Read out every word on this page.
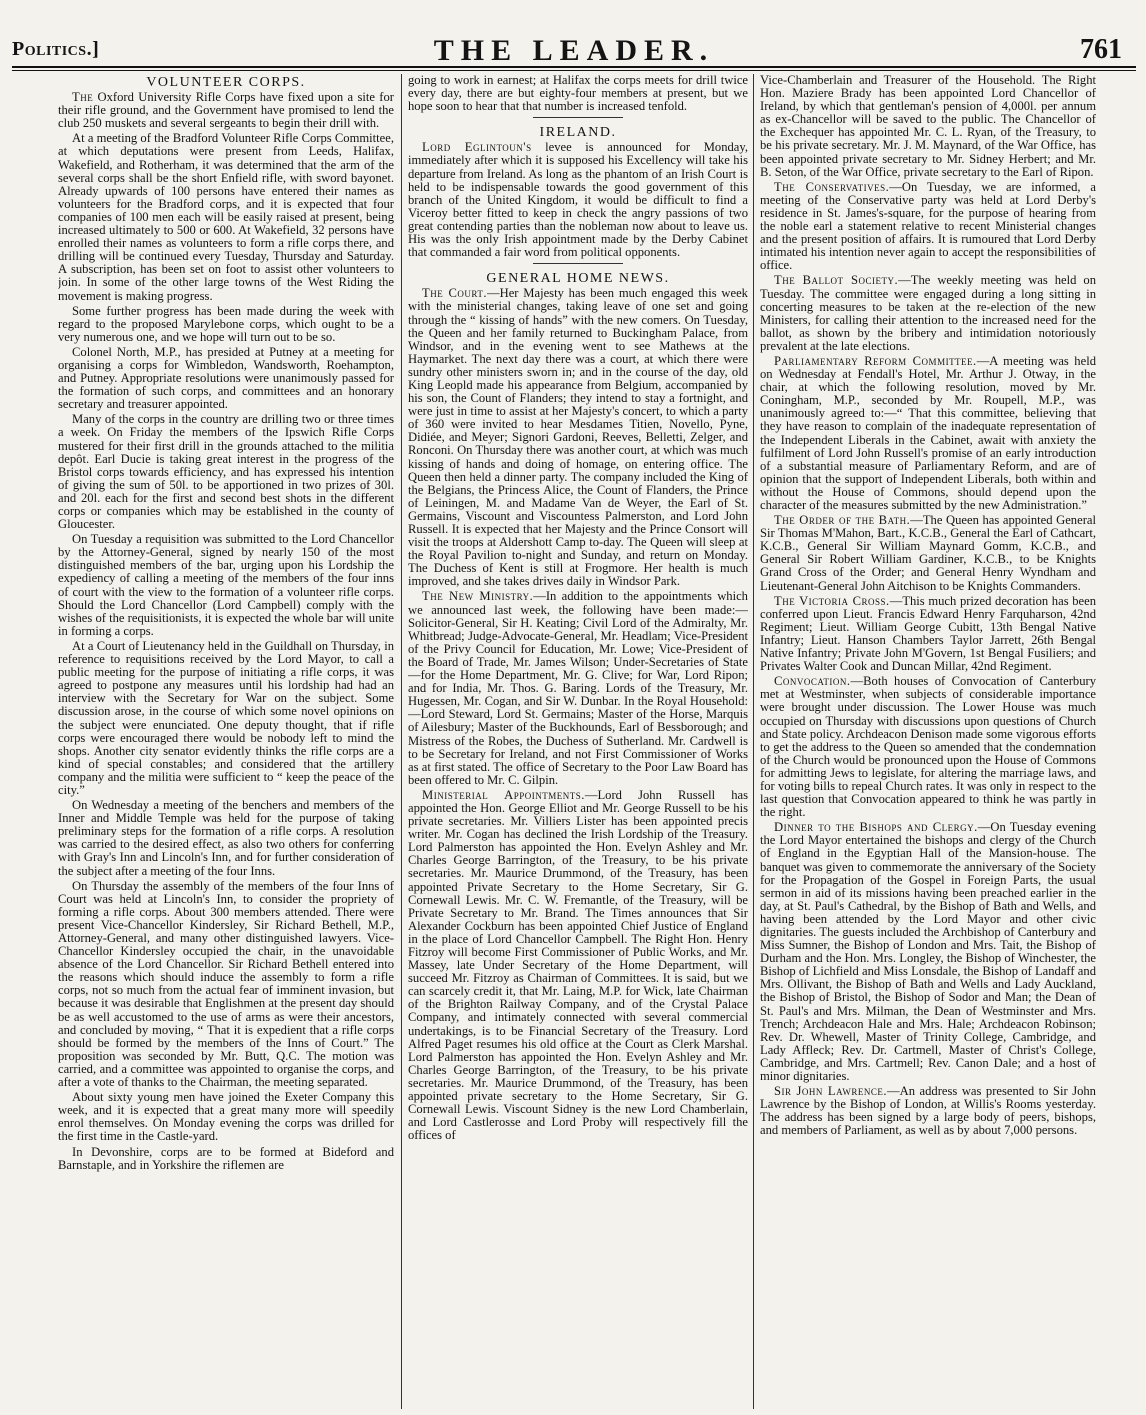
Politics.]	THE LEADER.	761
VOLUNTEER CORPS.

The Oxford University Rifle Corps have fixed upon a site for their rifle ground, and the Government have promised to lend the club 250 muskets and several sergeants to begin their drill with.

At a meeting of the Bradford Volunteer Rifle Corps Committee, at which deputations were present from Leeds, Halifax, Wakefield, and Rotherham, it was determined that the arm of the several corps shall be the short Enfield rifle, with sword bayonet. Already upwards of 100 persons have entered their names as volunteers for the Bradford corps, and it is expected that four companies of 100 men each will be easily raised at present, being increased ultimately to 500 or 600. At Wakefield, 32 persons have enrolled their names as volunteers to form a rifle corps there, and drilling will be continued every Tuesday, Thursday and Saturday. A subscription, has been set on foot to assist other volunteers to join. In some of the other large towns of the West Riding the movement is making progress.

Some further progress has been made during the week with regard to the proposed Marylebone corps, which ought to be a very numerous one, and we hope will turn out to be so.

Colonel North, M.P., has presided at Putney at a meeting for organising a corps for Wimbledon, Wandsworth, Roehampton, and Putney. Appropriate resolutions were unanimously passed for the formation of such corps, and committees and an honorary secretary and treasurer appointed.

Many of the corps in the country are drilling two or three times a week. On Friday the members of the Ipswich Rifle Corps mustered for their first drill in the grounds attached to the militia depôt. Earl Ducie is taking great interest in the progress of the Bristol corps towards efficiency, and has expressed his intention of giving the sum of 50l. to be apportioned in two prizes of 30l. and 20l. each for the first and second best shots in the different corps or companies which may be established in the county of Gloucester.

On Tuesday a requisition was submitted to the Lord Chancellor by the Attorney-General, signed by nearly 150 of the most distinguished members of the bar, urging upon his Lordship the expediency of calling a meeting of the members of the four inns of court with the view to the formation of a volunteer rifle corps. Should the Lord Chancellor (Lord Campbell) comply with the wishes of the requisitionists, it is expected the whole bar will unite in forming a corps.

At a Court of Lieutenancy held in the Guildhall on Thursday, in reference to requisitions received by the Lord Mayor, to call a public meeting for the purpose of initiating a rifle corps, it was agreed to postpone any measures until his lordship had had an interview with the Secretary for War on the subject. Some discussion arose, in the course of which some novel opinions on the subject were enunciated. One deputy thought, that if rifle corps were encouraged there would be nobody left to mind the shops. Another city senator evidently thinks the rifle corps are a kind of special constables; and considered that the artillery company and the militia were sufficient to “ keep the peace of the city.”

On Wednesday a meeting of the benchers and members of the Inner and Middle Temple was held for the purpose of taking preliminary steps for the formation of a rifle corps. A resolution was carried to the desired effect, as also two others for conferring with Gray's Inn and Lincoln's Inn, and for further consideration of the subject after a meeting of the four Inns.

On Thursday the assembly of the members of the four Inns of Court was held at Lincoln's Inn, to consider the propriety of forming a rifle corps. About 300 members attended. There were present Vice-Chancellor Kindersley, Sir Richard Bethell, M.P., Attorney-General, and many other distinguished lawyers. Vice-Chancellor Kindersley occupied the chair, in the unavoidable absence of the Lord Chancellor. Sir Richard Bethell entered into the reasons which should induce the assembly to form a rifle corps, not so much from the actual fear of imminent invasion, but because it was desirable that Englishmen at the present day should be as well accustomed to the use of arms as were their ancestors, and concluded by moving, “ That it is expedient that a rifle corps should be formed by the members of the Inns of Court.” The proposition was seconded by Mr. Butt, Q.C. The motion was carried, and a committee was appointed to organise the corps, and after a vote of thanks to the Chairman, the meeting separated.

About sixty young men have joined the Exeter Company this week, and it is expected that a great many more will speedily enrol themselves. On Monday evening the corps was drilled for the first time in the Castle-yard.

In Devonshire, corps are to be formed at Bideford and Barnstaple, and in Yorkshire the riflemen are

going to work in earnest; at Halifax the corps meets for drill twice every day, there are but eighty-four members at present, but we hope soon to hear that that number is increased tenfold.

IRELAND.

Lord Eglintoun's levee is announced for Monday, immediately after which it is supposed his Excellency will take his departure from Ireland. As long as the phantom of an Irish Court is held to be indispensable towards the good government of this branch of the United Kingdom, it would be difficult to find a Viceroy better fitted to keep in check the angry passions of two great contending parties than the nobleman now about to leave us. His was the only Irish appointment made by the Derby Cabinet that commanded a fair word from political opponents.

GENERAL HOME NEWS.

The Court.—Her Majesty has been much engaged this week with the ministerial changes, taking leave of one set and going through the “ kissing of hands” with the new comers. On Tuesday, the Queen and her family returned to Buckingham Palace, from Windsor, and in the evening went to see Mathews at the Haymarket. The next day there was a court, at which there were sundry other ministers sworn in; and in the course of the day, old King Leopld made his appearance from Belgium, accompanied by his son, the Count of Flanders; they intend to stay a fortnight, and were just in time to assist at her Majesty's concert, to which a party of 360 were invited to hear Mesdames Titien, Novello, Pyne, Didiée, and Meyer; Signori Gardoni, Reeves, Belletti, Zelger, and Ronconi. On Thursday there was another court, at which was much kissing of hands and doing of homage, on entering office. The Queen then held a dinner party. The company included the King of the Belgians, the Princess Alice, the Count of Flanders, the Prince of Leiningen, M. and Madame Van de Weyer, the Earl of St. Germains, Viscount and Viscountess Palmerston, and Lord John Russell. It is expected that her Majesty and the Prince Consort will visit the troops at Aldershott Camp to-day. The Queen will sleep at the Royal Pavilion to-night and Sunday, and return on Monday. The Duchess of Kent is still at Frogmore. Her health is much improved, and she takes drives daily in Windsor Park.

The New Ministry.—In addition to the appointments which we announced last week, the following have been made:—Solicitor-General, Sir H. Keating; Civil Lord of the Admiralty, Mr. Whitbread; Judge-Advocate-General, Mr. Headlam; Vice-President of the Privy Council for Education, Mr. Lowe; Vice-President of the Board of Trade, Mr. James Wilson; Under-Secretaries of State—for the Home Department, Mr. G. Clive; for War, Lord Ripon; and for India, Mr. Thos. G. Baring. Lords of the Treasury, Mr. Hugessen, Mr. Cogan, and Sir W. Dunbar. In the Royal Household:—Lord Steward, Lord St. Germains; Master of the Horse, Marquis of Ailesbury; Master of the Buckhounds, Earl of Bessborough; and Mistress of the Robes, the Duchess of Sutherland. Mr. Cardwell is to be Secretary for Ireland, and not First Commissioner of Works as at first stated. The office of Secretary to the Poor Law Board has been offered to Mr. C. Gilpin.

Ministerial Appointments.—Lord John Russell has appointed the Hon. George Elliot and Mr. George Russell to be his private secretaries. Mr. Villiers Lister has been appointed precis writer. Mr. Cogan has declined the Irish Lordship of the Treasury. Lord Palmerston has appointed the Hon. Evelyn Ashley and Mr. Charles George Barrington, of the Treasury, to be his private secretaries. Mr. Maurice Drummond, of the Treasury, has been appointed Private Secretary to the Home Secretary, Sir G. Cornewall Lewis. Mr. C. W. Fremantle, of the Treasury, will be Private Secretary to Mr. Brand. The Times announces that Sir Alexander Cockburn has been appointed Chief Justice of England in the place of Lord Chancellor Campbell. The Right Hon. Henry Fitzroy will become First Commissioner of Public Works, and Mr. Massey, late Under Secretary of the Home Department, will succeed Mr. Fitzroy as Chairman of Committees. It is said, but we can scarcely credit it, that Mr. Laing, M.P. for Wick, late Chairman of the Brighton Railway Company, and of the Crystal Palace Company, and intimately connected with several commercial undertakings, is to be Financial Secretary of the Treasury. Lord Alfred Paget resumes his old office at the Court as Clerk Marshal. Lord Palmerston has appointed the Hon. Evelyn Ashley and Mr. Charles George Barrington, of the Treasury, to be his private secretaries. Mr. Maurice Drummond, of the Treasury, has been appointed private secretary to the Home Secretary, Sir G. Cornewall Lewis. Viscount Sidney is the new Lord Chamberlain, and Lord Castlerosse and Lord Proby will respectively fill the offices of

Vice-Chamberlain and Treasurer of the Household. The Right Hon. Maziere Brady has been appointed Lord Chancellor of Ireland, by which that gentleman's pension of 4,000l. per annum as ex-Chancellor will be saved to the public. The Chancellor of the Exchequer has appointed Mr. C. L. Ryan, of the Treasury, to be his private secretary. Mr. J. M. Maynard, of the War Office, has been appointed private secretary to Mr. Sidney Herbert; and Mr. B. Seton, of the War Office, private secretary to the Earl of Ripon.

The Conservatives.—On Tuesday, we are informed, a meeting of the Conservative party was held at Lord Derby's residence in St. James's-square, for the purpose of hearing from the noble earl a statement relative to recent Ministerial changes and the present position of affairs. It is rumoured that Lord Derby intimated his intention never again to accept the responsibilities of office.

The Ballot Society.—The weekly meeting was held on Tuesday. The committee were engaged during a long sitting in concerting measures to be taken at the re-election of the new Ministers, for calling their attention to the increased need for the ballot, as shown by the bribery and intimidation notoriously prevalent at the late elections.

Parliamentary Reform Committee.—A meeting was held on Wednesday at Fendall's Hotel, Mr. Arthur J. Otway, in the chair, at which the following resolution, moved by Mr. Coningham, M.P., seconded by Mr. Roupell, M.P., was unanimously agreed to:—“ That this committee, believing that they have reason to complain of the inadequate representation of the Independent Liberals in the Cabinet, await with anxiety the fulfilment of Lord John Russell's promise of an early introduction of a substantial measure of Parliamentary Reform, and are of opinion that the support of Independent Liberals, both within and without the House of Commons, should depend upon the character of the measures submitted by the new Administration.”

The Order of the Bath.—The Queen has appointed General Sir Thomas M'Mahon, Bart., K.C.B., General the Earl of Cathcart, K.C.B., General Sir William Maynard Gomm, K.C.B., and General Sir Robert William Gardiner, K.C.B., to be Knights Grand Cross of the Order; and General Henry Wyndham and Lieutenant-General John Aitchison to be Knights Commanders.

The Victoria Cross.—This much prized decoration has been conferred upon Lieut. Francis Edward Henry Farquharson, 42nd Regiment; Lieut. William George Cubitt, 13th Bengal Native Infantry; Lieut. Hanson Chambers Taylor Jarrett, 26th Bengal Native Infantry; Private John M'Govern, 1st Bengal Fusiliers; and Privates Walter Cook and Duncan Millar, 42nd Regiment.

Convocation.—Both houses of Convocation of Canterbury met at Westminster, when subjects of considerable importance were brought under discussion. The Lower House was much occupied on Thursday with discussions upon questions of Church and State policy. Archdeacon Denison made some vigorous efforts to get the address to the Queen so amended that the condemnation of the Church would be pronounced upon the House of Commons for admitting Jews to legislate, for altering the marriage laws, and for voting bills to repeal Church rates. It was only in respect to the last question that Convocation appeared to think he was partly in the right.

Dinner to the Bishops and Clergy.—On Tuesday evening the Lord Mayor entertained the bishops and clergy of the Church of England in the Egyptian Hall of the Mansion-house. The banquet was given to commemorate the anniversary of the Society for the Propagation of the Gospel in Foreign Parts, the usual sermon in aid of its missions having been preached earlier in the day, at St. Paul's Cathedral, by the Bishop of Bath and Wells, and having been attended by the Lord Mayor and other civic dignitaries. The guests included the Archbishop of Canterbury and Miss Sumner, the Bishop of London and Mrs. Tait, the Bishop of Durham and the Hon. Mrs. Longley, the Bishop of Winchester, the Bishop of Lichfield and Miss Lonsdale, the Bishop of Landaff and Mrs. Ollivant, the Bishop of Bath and Wells and Lady Auckland, the Bishop of Bristol, the Bishop of Sodor and Man; the Dean of St. Paul's and Mrs. Milman, the Dean of Westminster and Mrs. Trench; Archdeacon Hale and Mrs. Hale; Archdeacon Robinson; Rev. Dr. Whewell, Master of Trinity College, Cambridge, and Lady Affleck; Rev. Dr. Cartmell, Master of Christ's College, Cambridge, and Mrs. Cartmell; Rev. Canon Dale; and a host of minor dignitaries.

Sir John Lawrence.—An address was presented to Sir John Lawrence by the Bishop of London, at Willis's Rooms yesterday. The address has been signed by a large body of peers, bishops, and members of Parliament, as well as by about 7,000 persons.
